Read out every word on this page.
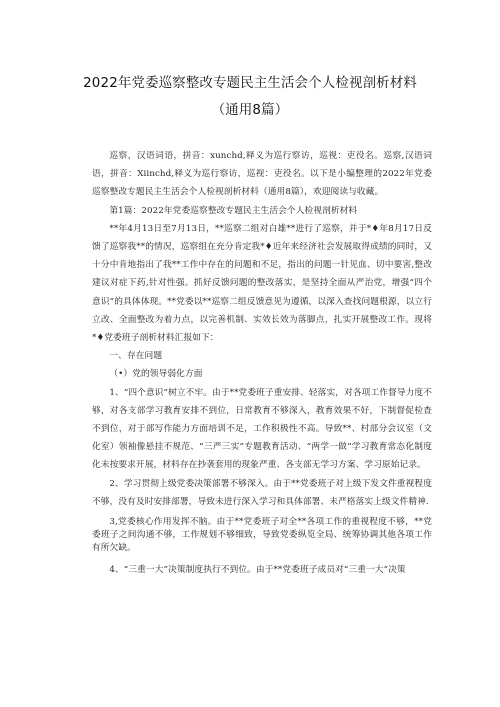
2022年党委巡察整改专题民主生活会个人检视剖析材料
（通用8篇）

巡察，汉语词语，拼音：xunchd,释义为巡行察访，巡视：吏役名。巡察,汉语词语，拼音：Xiinchd,释义为巡行察访，巡视：吏役名。以下是小编整理的2022年党委巡察整改专题民主生活会个人检视剖析材料（通用8篇），欢迎阅读与收藏。

第1篇：2022年党委巡察整改专题民主生活会个人检视剖析材料

**年4月13日至7月13日，**巡察二组对白雄**进行了巡察，并于*♦年8月17日反馈了巡察我**的情况，巡察组在充分肯定我*♦近年来经济社会发展取得成绩的同时，又十分中肯地指出了我**工作中存在的问题和不足，指出的问题一针见血、切中要害,整改建议对症下药,针对性强。抓好反馈问题的整改落实，是坚持全面从严治党，增强“四个意识”的具体体现。**党委以**巡察二组反馈意见为遵循，以深入查找问题根源，以立行立改、全面整改为着力点，以完善机制、实效长效为落脚点，扎实开展整改工作。现将*♦党委班子剖析材料汇报如下：

一、存在问题

（•）党的领导弱化方面

1、“四个意识”树立不牢。由于**党委班子重安排、轻落实，对各项工作督导力度不够，对各支部学习教育安排不到位，日常教育不够深入，教育效果不好，下制督促检查不到位，对于部写作能力方面培训不足，工作积极性不高。导致**、村部分会议室（文化室）领袖像悬挂不规范、“三严三实”专题教育活动、“两学一做”学习教育常态化制度化未按要求开展，材料存在抄袭套用的现象严重、各支部无学习方案、学习原始记录。

2、学习贯彻上级党委决策部署不够深入。由于**党委班子对上级下发文件重视程度不够，没有及时安排部署，导致未进行深入学习和具体部署、未严格落实上级文件精神.

3,党委核心作用发挥不脑。由于**党委班子对全**各项工作的重视程度不够，**党委班子之间沟通不够，工作规划不够细致，导致党委纵览全局、统筹协调其他各项工作有所欠缺。

4、“三重一大”决策制度执行不到位。由于**党委班子成员对“三重一大”决策
